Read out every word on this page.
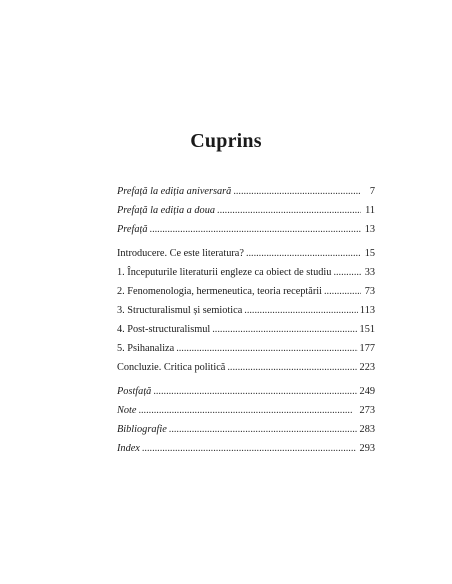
Cuprins
Prefață la ediția aniversară . . .	7
Prefață la ediția a doua . . .	11
Prefață . . .	13
Introducere. Ce este literatura? . . .	15
1. Începuturile literaturii engleze ca obiect de studiu . . .	33
2. Fenomenologia, hermeneutica, teoria receptării . . .	73
3. Structuralismul și semiotica . . .	113
4. Post-structuralismul . . .	151
5. Psihanaliza . . .	177
Concluzie. Critica politică . . .	223
Postfață . . .	249
Note . . .	273
Bibliografie . . .	283
Index . . .	293
